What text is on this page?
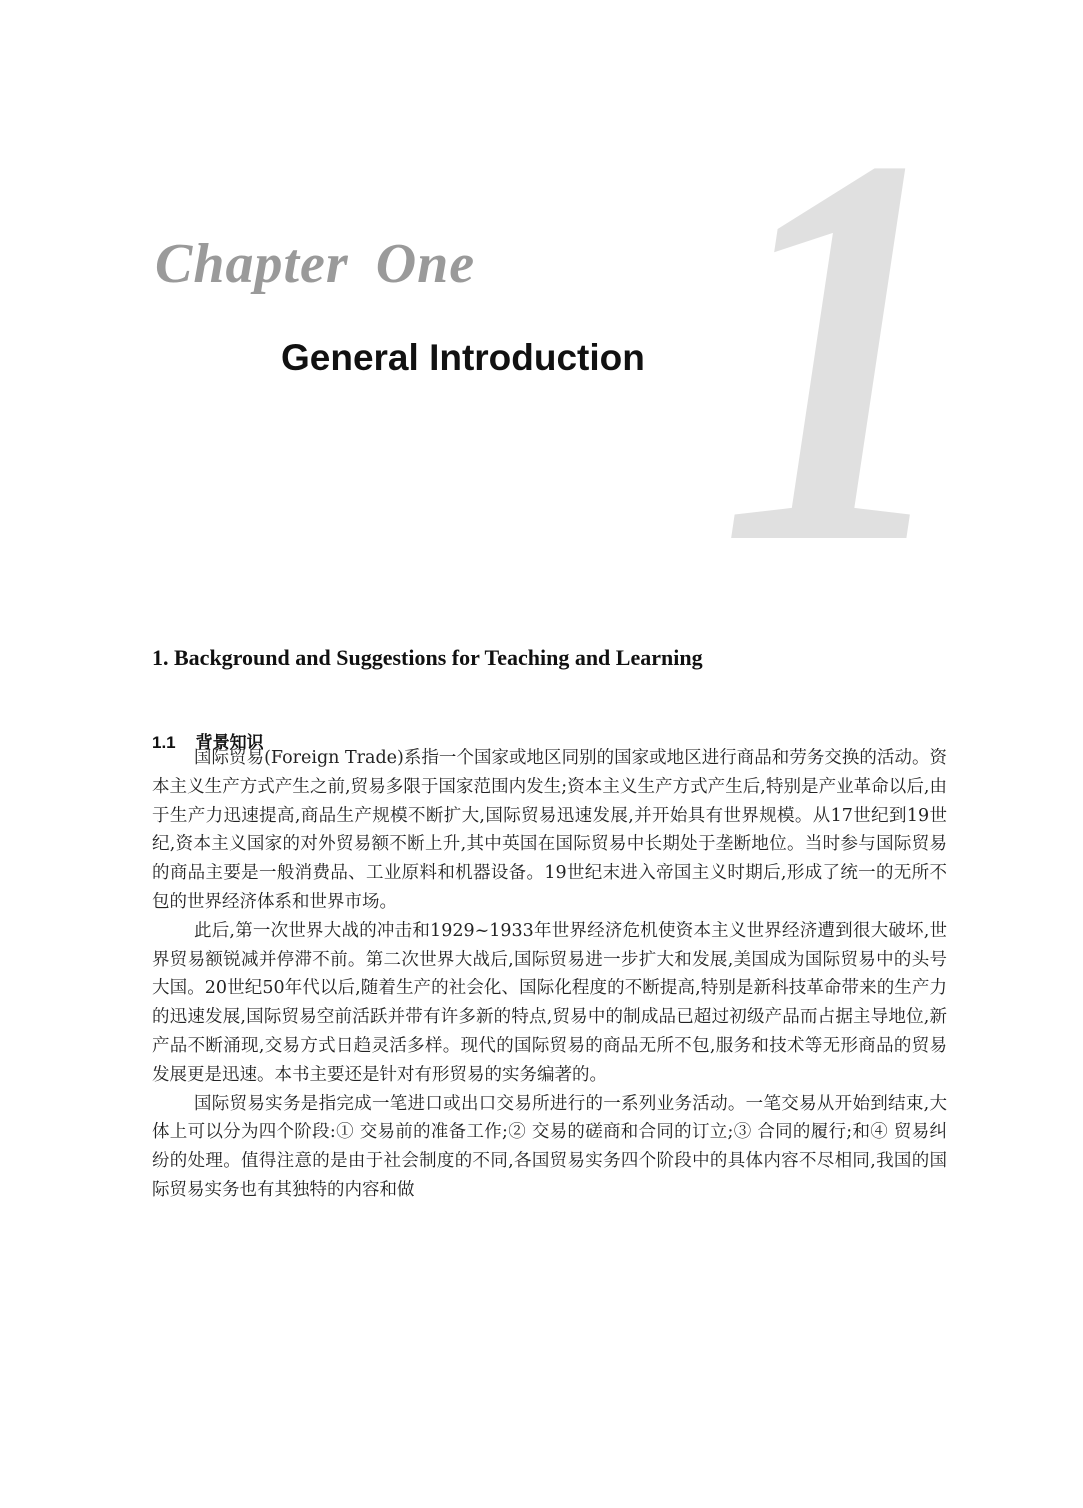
1
Chapter One
General Introduction
1. Background and Suggestions for Teaching and Learning
1.1 背景知识

国际贸易(Foreign Trade)系指一个国家或地区同别的国家或地区进行商品和劳务交换的活动。资本主义生产方式产生之前,贸易多限于国家范围内发生;资本主义生产方式产生后,特别是产业革命以后,由于生产力迅速提高,商品生产规模不断扩大,国际贸易迅速发展,并开始具有世界规模。从17世纪到19世纪,资本主义国家的对外贸易额不断上升,其中英国在国际贸易中长期处于垄断地位。当时参与国际贸易的商品主要是一般消费品、工业原料和机器设备。19世纪末进入帝国主义时期后,形成了统一的无所不包的世界经济体系和世界市场。

此后,第一次世界大战的冲击和1929~1933年世界经济危机使资本主义世界经济遭到很大破坏,世界贸易额锐减并停滞不前。第二次世界大战后,国际贸易进一步扩大和发展,美国成为国际贸易中的头号大国。20世纪50年代以后,随着生产的社会化、国际化程度的不断提高,特别是新科技革命带来的生产力的迅速发展,国际贸易空前活跃并带有许多新的特点,贸易中的制成品已超过初级产品而占据主导地位,新产品不断涌现,交易方式日趋灵活多样。现代的国际贸易的商品无所不包,服务和技术等无形商品的贸易发展更是迅速。本书主要还是针对有形贸易的实务编著的。

国际贸易实务是指完成一笔进口或出口交易所进行的一系列业务活动。一笔交易从开始到结束,大体上可以分为四个阶段:① 交易前的准备工作;② 交易的磋商和合同的订立;③ 合同的履行;和④ 贸易纠纷的处理。值得注意的是由于社会制度的不同,各国贸易实务四个阶段中的具体内容不尽相同,我国的国际贸易实务也有其独特的内容和做
